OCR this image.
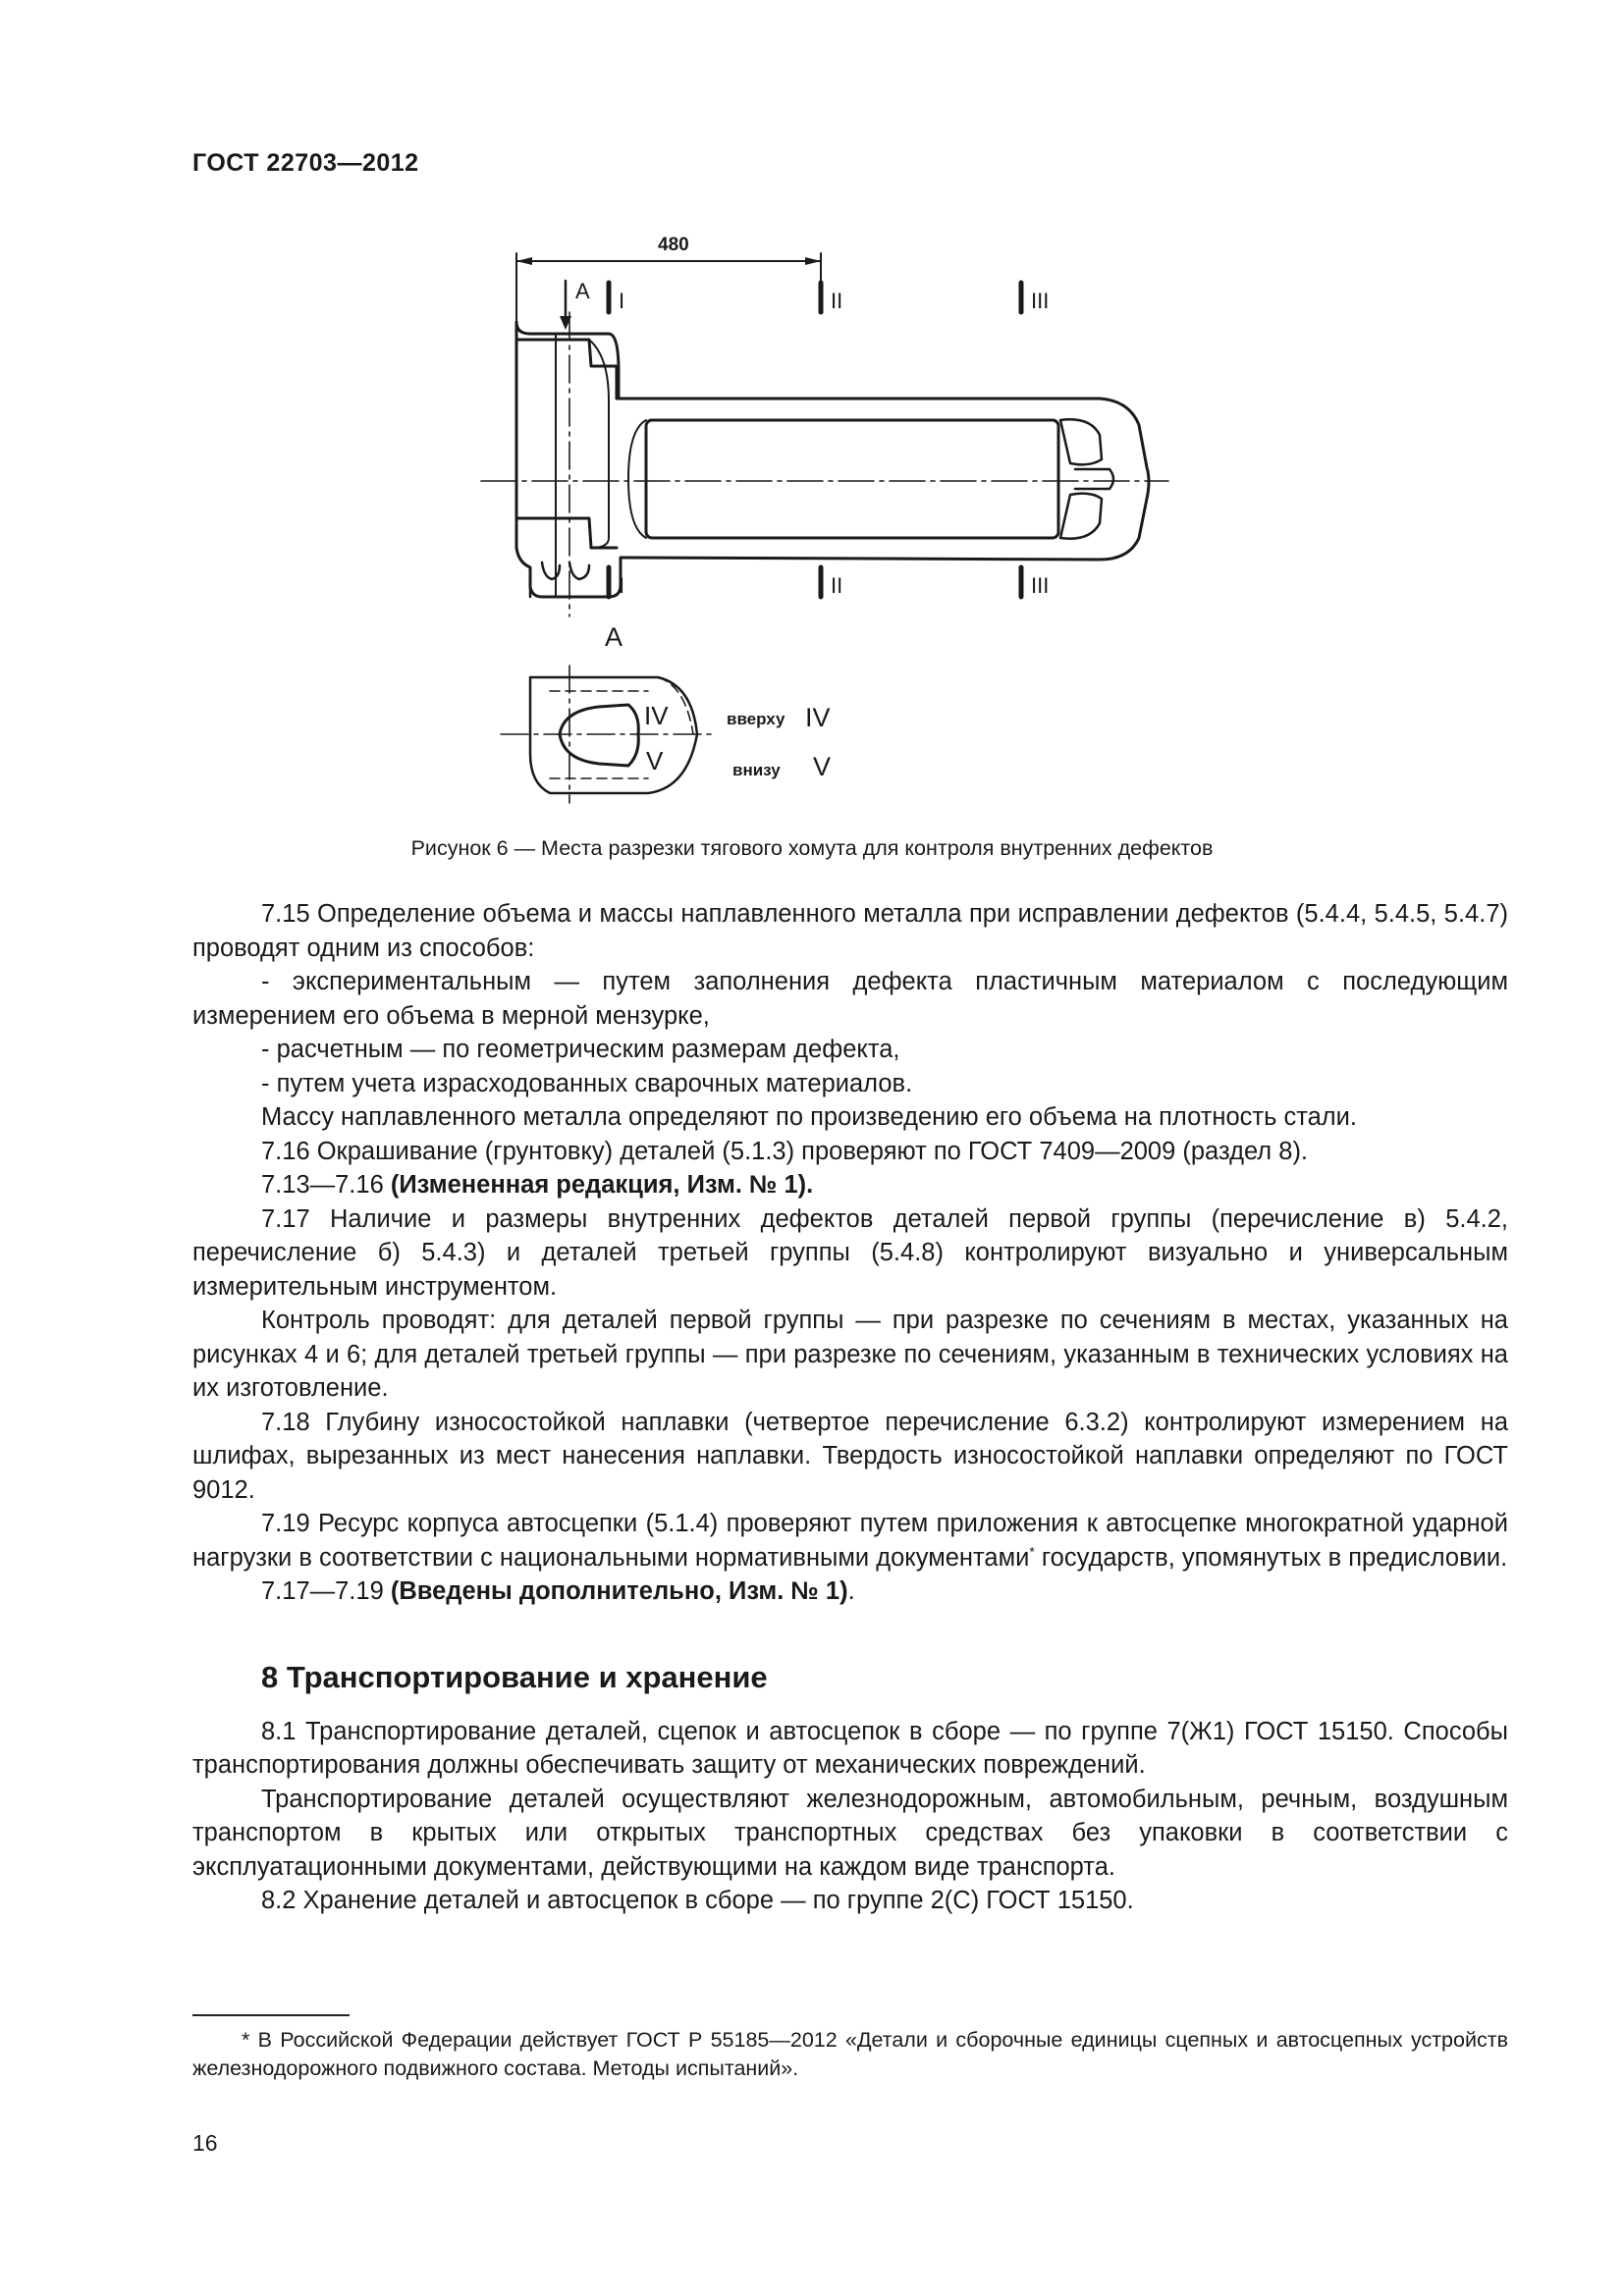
ГОСТ 22703—2012
480
A I	II	III
I	II	III
A
IV
V
вверху IV
внизу V
Рисунок 6 — Места разрезки тягового хомута для контроля внутренних дефектов

7.15 Определение объема и массы наплавленного металла при исправлении дефектов (5.4.4, 5.4.5, 5.4.7) проводят одним из способов:

- экспериментальным — путем заполнения дефекта пластичным материалом с последующим измерением его объема в мерной мензурке,

- расчетным — по геометрическим размерам дефекта,

- путем учета израсходованных сварочных материалов.

Массу наплавленного металла определяют по произведению его объема на плотность стали.

7.16 Окрашивание (грунтовку) деталей (5.1.3) проверяют по ГОСТ 7409—2009 (раздел 8).

7.13—7.16 (Измененная редакция, Изм. № 1).

7.17 Наличие и размеры внутренних дефектов деталей первой группы (перечисление в) 5.4.2, перечисление б) 5.4.3) и деталей третьей группы (5.4.8) контролируют визуально и универсальным измерительным инструментом.

Контроль проводят: для деталей первой группы — при разрезке по сечениям в местах, указанных на рисунках 4 и 6; для деталей третьей группы — при разрезке по сечениям, указанным в технических условиях на их изготовление.

7.18 Глубину износостойкой наплавки (четвертое перечисление 6.3.2) контролируют измерением на шлифах, вырезанных из мест нанесения наплавки. Твердость износостойкой наплавки определяют по ГОСТ 9012.

7.19 Ресурс корпуса автосцепки (5.1.4) проверяют путем приложения к автосцепке многократной ударной нагрузки в соответствии с национальными нормативными документами* государств, упомянутых в предисловии.

7.17—7.19 (Введены дополнительно, Изм. № 1).

8 Транспортирование и хранение

8.1 Транспортирование деталей, сцепок и автосцепок в сборе — по группе 7(Ж1) ГОСТ 15150. Способы транспортирования должны обеспечивать защиту от механических повреждений.

Транспортирование деталей осуществляют железнодорожным, автомобильным, речным, воздушным транспортом в крытых или открытых транспортных средствах без упаковки в соответствии с эксплуатационными документами, действующими на каждом виде транспорта.

8.2 Хранение деталей и автосцепок в сборе — по группе 2(С) ГОСТ 15150.

* В Российской Федерации действует ГОСТ Р 55185—2012 «Детали и сборочные единицы сцепных и автосцепных устройств железнодорожного подвижного состава. Методы испытаний».
16
